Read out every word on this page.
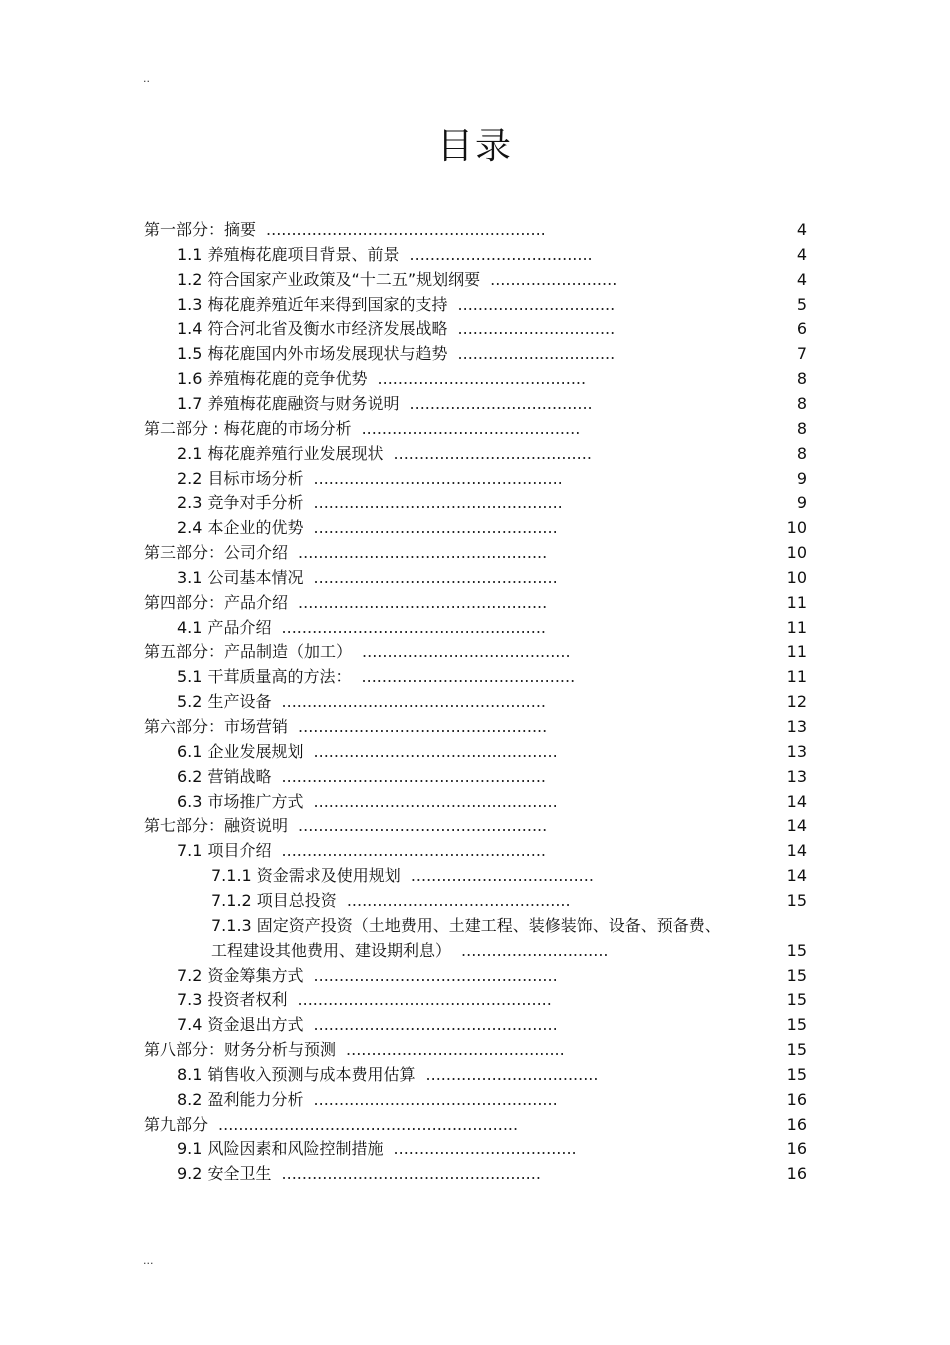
..
目录
第一部分：摘要 .......................................................	4
1.1 养殖梅花鹿项目背景、前景 ....................................	4
1.2 符合国家产业政策及“十二五”规划纲要 .........................	4
1.3 梅花鹿养殖近年来得到国家的支持 ...............................	5
1.4 符合河北省及衡水市经济发展战略 ...............................	6
1.5 梅花鹿国内外市场发展现状与趋势 ...............................	7
1.6 养殖梅花鹿的竞争优势 .........................................	8
1.7 养殖梅花鹿融资与财务说明 ....................................	8
第二部分 : 梅花鹿的市场分析 ...........................................	8
2.1 梅花鹿养殖行业发展现状 .......................................	8
2.2 目标市场分析 .................................................	9
2.3 竞争对手分析 .................................................	9
2.4 本企业的优势 ................................................	10
第三部分：公司介绍 .................................................	10
3.1 公司基本情况 ................................................	10
第四部分：产品介绍 .................................................	11
4.1 产品介绍 ....................................................	11
第五部分：产品制造（加工） .........................................	11
5.1 干茸质量高的方法： ..........................................	11
5.2 生产设备 ....................................................	12
第六部分：市场营销 .................................................	13
6.1 企业发展规划 ................................................	13
6.2 营销战略 ....................................................	13
6.3 市场推广方式 ................................................	14
第七部分：融资说明 .................................................	14
7.1 项目介绍 ....................................................	14
7.1.1 资金需求及使用规划 ....................................	14
7.1.2 项目总投资 ............................................	15
7.1.3 固定资产投资（土地费用、土建工程、装修装饰、设备、预备费、
工程建设其他费用、建设期利息） .............................	15
7.2 资金筹集方式 ................................................	15
7.3 投资者权利 ..................................................	15
7.4 资金退出方式 ................................................	15
第八部分：财务分析与预测 ...........................................	15
8.1 销售收入预测与成本费用估算 ..................................	15
8.2 盈利能力分析 ................................................	16
第九部分 ...........................................................	16
9.1 风险因素和风险控制措施 ....................................	16
9.2 安全卫生 ...................................................	16
...
